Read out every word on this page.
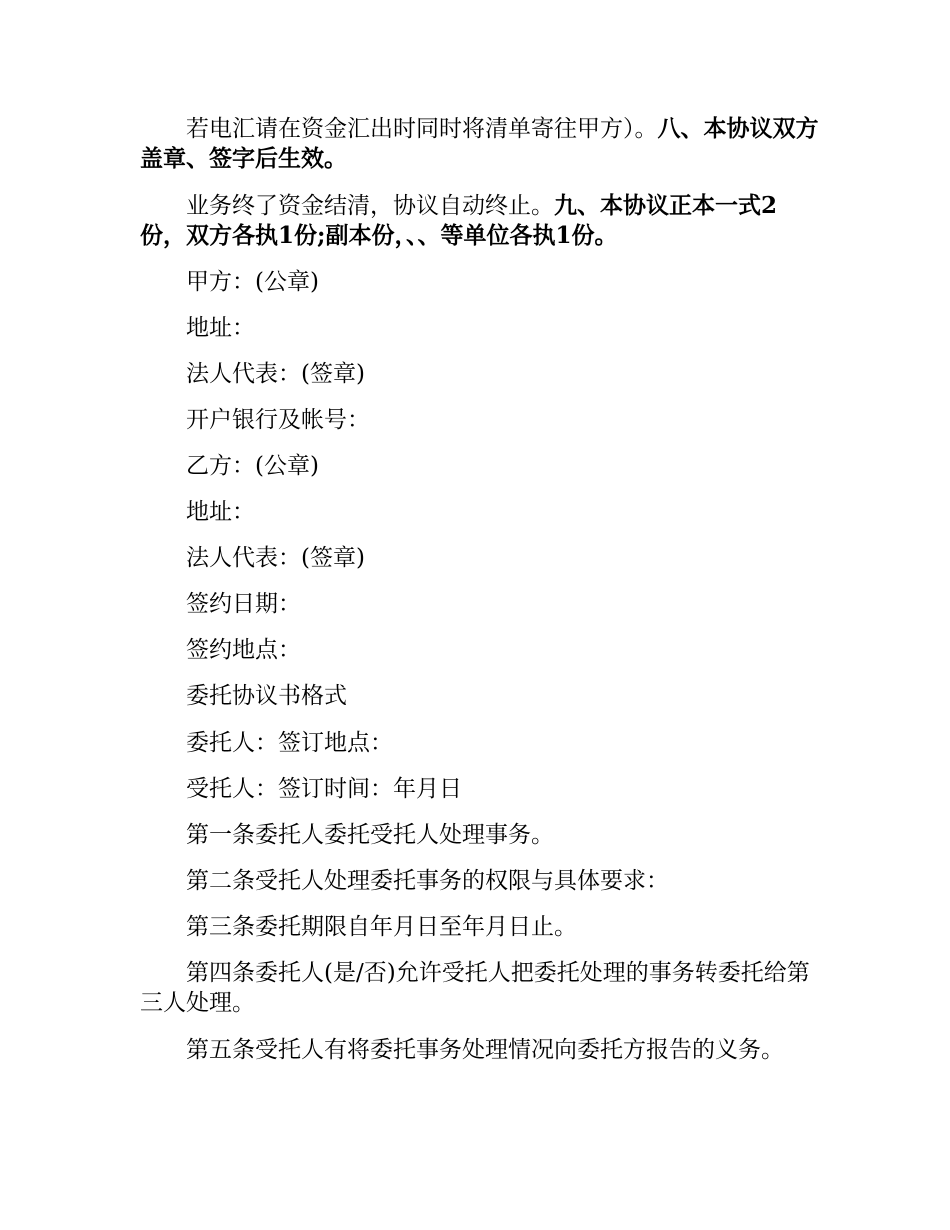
若电汇请在资金汇出时同时将清单寄往甲方）。八、本协议双方盖章、签字后生效。

业务终了资金结清，协议自动终止。九、本协议正本一式2份，双方各执1份;副本份，、、等单位各执1份。

甲方：(公章)

地址：

法人代表：(签章)

开户银行及帐号：

乙方：(公章)

地址：

法人代表：(签章)

签约日期：

签约地点：

委托协议书格式

委托人：签订地点：

受托人：签订时间：年月日

第一条委托人委托受托人处理事务。

第二条受托人处理委托事务的权限与具体要求：

第三条委托期限自年月日至年月日止。

第四条委托人(是/否)允许受托人把委托处理的事务转委托给第三人处理。

第五条受托人有将委托事务处理情况向委托方报告的义务。
